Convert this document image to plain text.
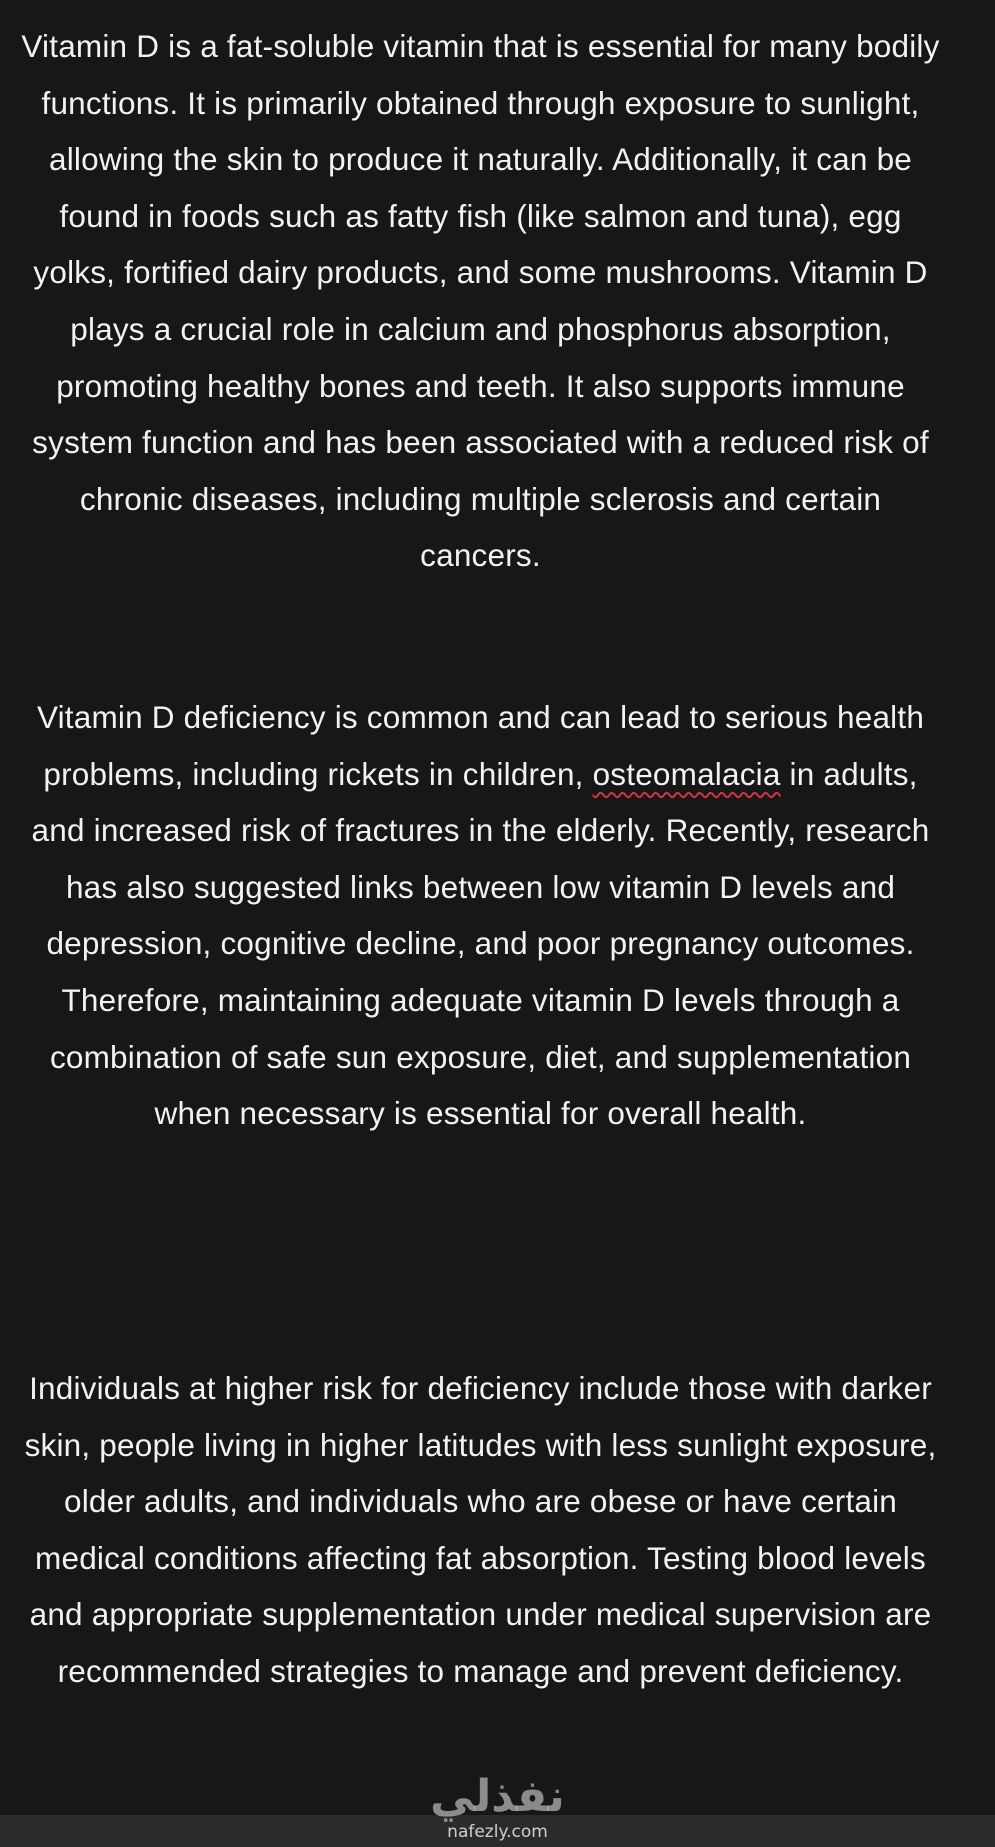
Vitamin D is a fat-soluble vitamin that is essential for many bodily functions. It is primarily obtained through exposure to sunlight, allowing the skin to produce it naturally. Additionally, it can be found in foods such as fatty fish (like salmon and tuna), egg yolks, fortified dairy products, and some mushrooms. Vitamin D plays a crucial role in calcium and phosphorus absorption, promoting healthy bones and teeth. It also supports immune system function and has been associated with a reduced risk of chronic diseases, including multiple sclerosis and certain cancers.

Vitamin D deficiency is common and can lead to serious health problems, including rickets in children, osteomalacia in adults, and increased risk of fractures in the elderly. Recently, research has also suggested links between low vitamin D levels and depression, cognitive decline, and poor pregnancy outcomes. Therefore, maintaining adequate vitamin D levels through a combination of safe sun exposure, diet, and supplementation when necessary is essential for overall health.

Individuals at higher risk for deficiency include those with darker skin, people living in higher latitudes with less sunlight exposure, older adults, and individuals who are obese or have certain medical conditions affecting fat absorption. Testing blood levels and appropriate supplementation under medical supervision are recommended strategies to manage and prevent deficiency.

نفذلي
nafezly.com
